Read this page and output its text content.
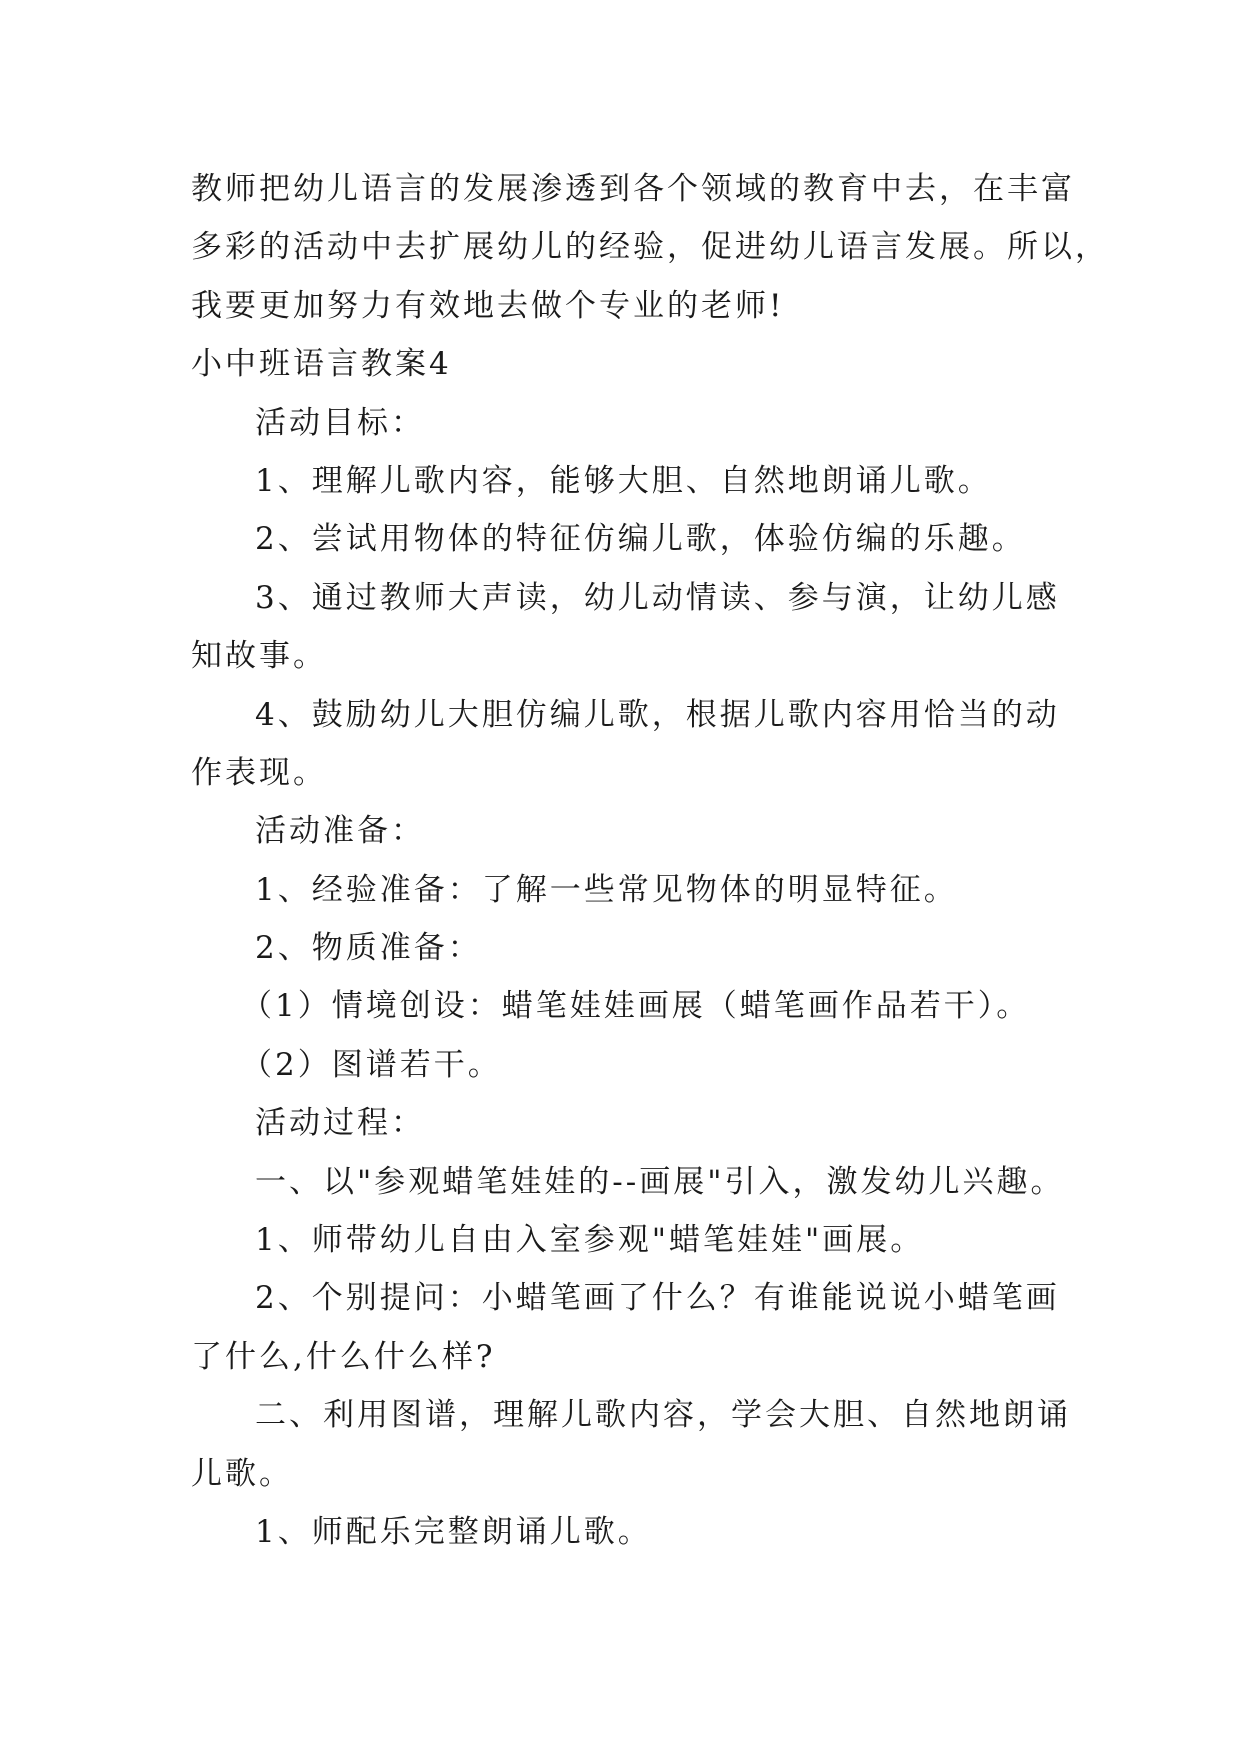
教师把幼儿语言的发展渗透到各个领域的教育中去，在丰富
多彩的活动中去扩展幼儿的经验，促进幼儿语言发展。所以，
我要更加努力有效地去做个专业的老师!
小中班语言教案4
活动目标：
1、理解儿歌内容，能够大胆、自然地朗诵儿歌。
2、尝试用物体的特征仿编儿歌，体验仿编的乐趣。
3、通过教师大声读，幼儿动情读、参与演，让幼儿感
知故事。
4、鼓励幼儿大胆仿编儿歌，根据儿歌内容用恰当的动
作表现。
活动准备：
1、经验准备：了解一些常见物体的明显特征。
2、物质准备：
（1）情境创设：蜡笔娃娃画展（蜡笔画作品若干）。
（2）图谱若干。
活动过程：
一、以"参观蜡笔娃娃的--画展"引入，激发幼儿兴趣。
1、师带幼儿自由入室参观"蜡笔娃娃"画展。
2、个别提问：小蜡笔画了什么？有谁能说说小蜡笔画
了什么,什么什么样?
二、利用图谱，理解儿歌内容，学会大胆、自然地朗诵
儿歌。
1、师配乐完整朗诵儿歌。
